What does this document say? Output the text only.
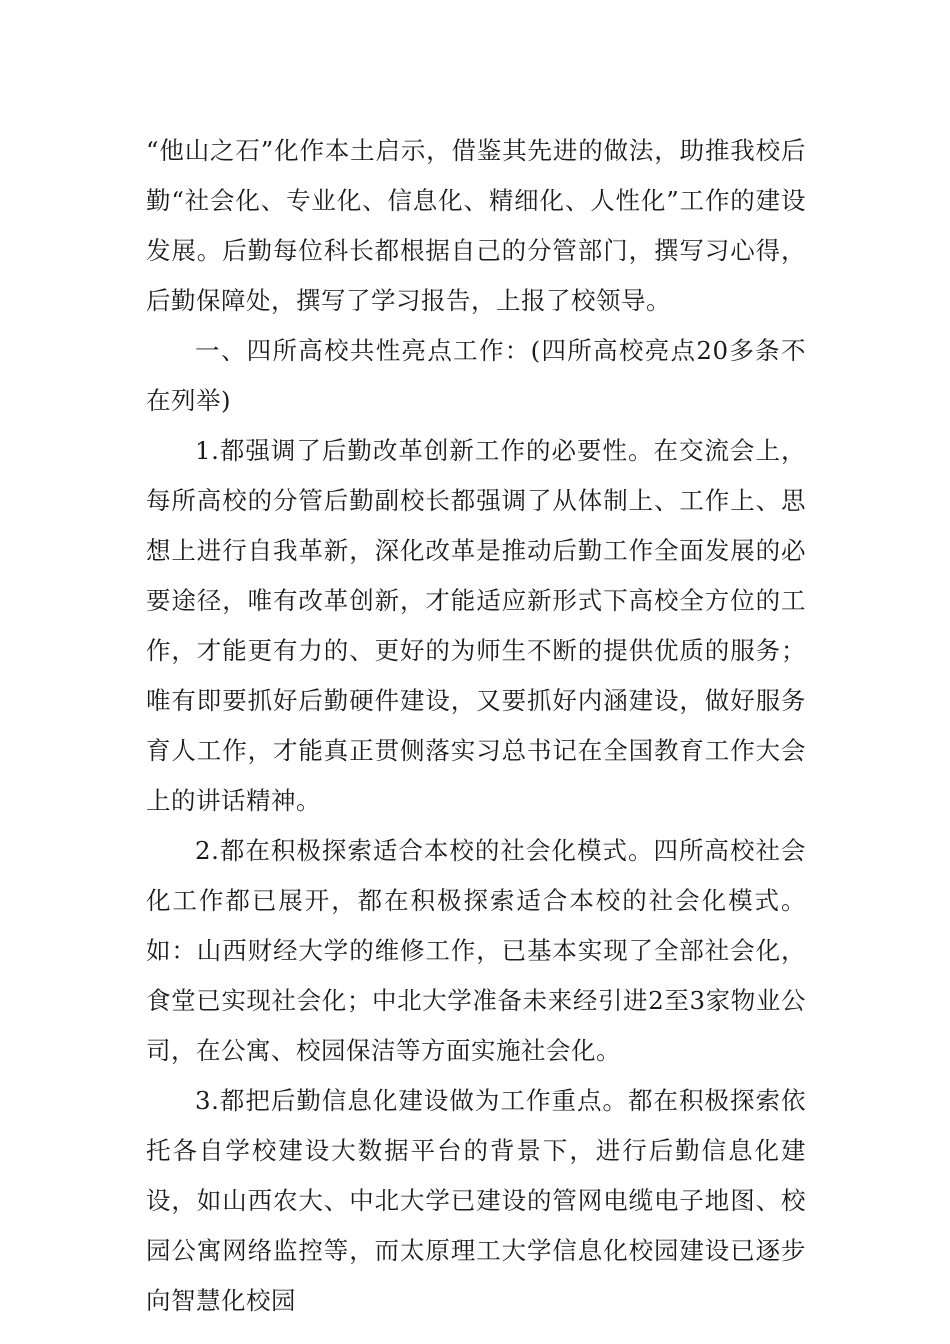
“他山之石”化作本土启示，借鉴其先进的做法，助推我校后勤“社会化、专业化、信息化、精细化、人性化”工作的建设发展。后勤每位科长都根据自己的分管部门，撰写习心得，后勤保障处，撰写了学习报告，上报了校领导。

一、四所高校共性亮点工作：(四所高校亮点20多条不在列举)

1.都强调了后勤改革创新工作的必要性。在交流会上，每所高校的分管后勤副校长都强调了从体制上、工作上、思想上进行自我革新，深化改革是推动后勤工作全面发展的必要途径，唯有改革创新，才能适应新形式下高校全方位的工作，才能更有力的、更好的为师生不断的提供优质的服务；唯有即要抓好后勤硬件建设，又要抓好内涵建设，做好服务育人工作，才能真正贯侧落实习总书记在全国教育工作大会上的讲话精神。

2.都在积极探索适合本校的社会化模式。四所高校社会化工作都已展开，都在积极探索适合本校的社会化模式。如：山西财经大学的维修工作，已基本实现了全部社会化，食堂已实现社会化；中北大学准备未来经引进2至3家物业公司，在公寓、校园保洁等方面实施社会化。

3.都把后勤信息化建设做为工作重点。都在积极探索依托各自学校建设大数据平台的背景下，进行后勤信息化建设，如山西农大、中北大学已建设的管网电缆电子地图、校园公寓网络监控等，而太原理工大学信息化校园建设已逐步向智慧化校园
